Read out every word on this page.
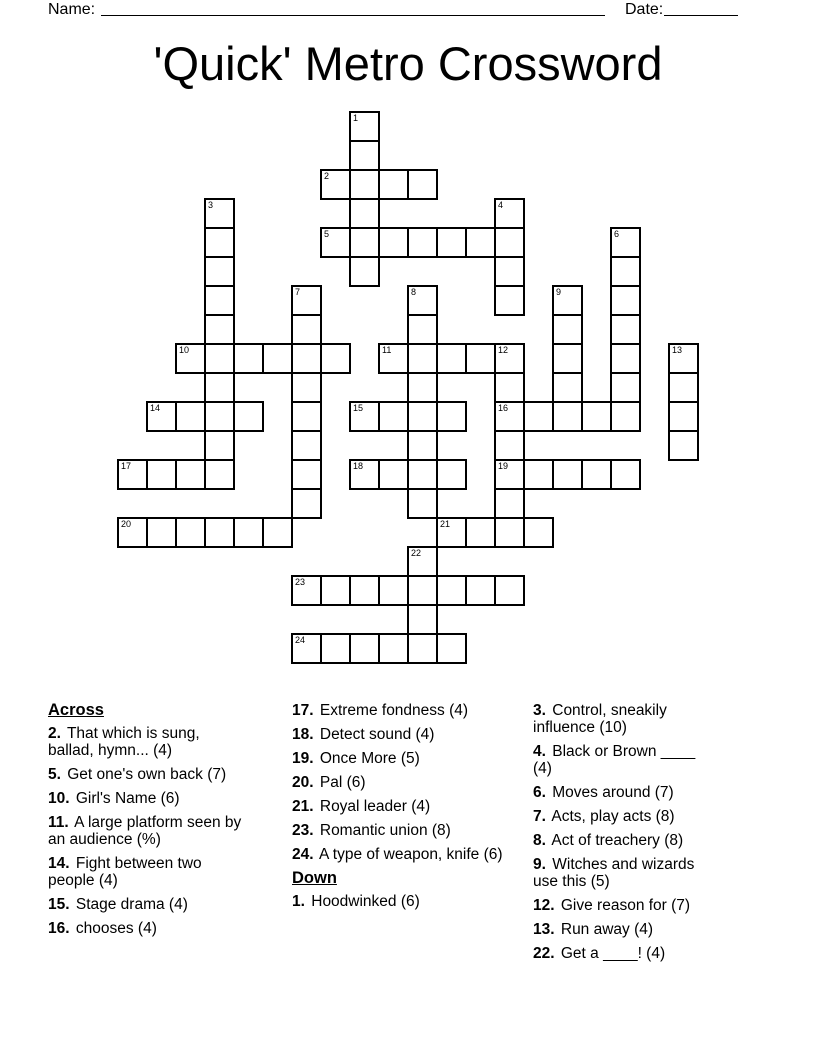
Name:	Date:
'Quick' Metro Crossword
1
2
3	4
5	6
7	8	9
10	11	12
16
19
13
14	15
17	18
20	21
22
23
24
Across
2. That which is sung, ballad, hymn... (4)
5. Get one's own back (7)
10. Girl's Name (6)
11. A large platform seen by an audience (%)
14. Fight between two people (4)
15. Stage drama (4)
16. chooses (4)
17. Extreme fondness (4)
18. Detect sound (4)
19. Once More (5)
20. Pal (6)
21. Royal leader (4)
23. Romantic union (8)
24. A type of weapon, knife (6)
Down
1. Hoodwinked (6)
3. Control, sneakily influence (10)
4. Black or Brown ____ (4)
6. Moves around (7)
7. Acts, play acts (8)
8. Act of treachery (8)
9. Witches and wizards use this (5)
12. Give reason for (7)
13. Run away (4)
22. Get a ____! (4)
